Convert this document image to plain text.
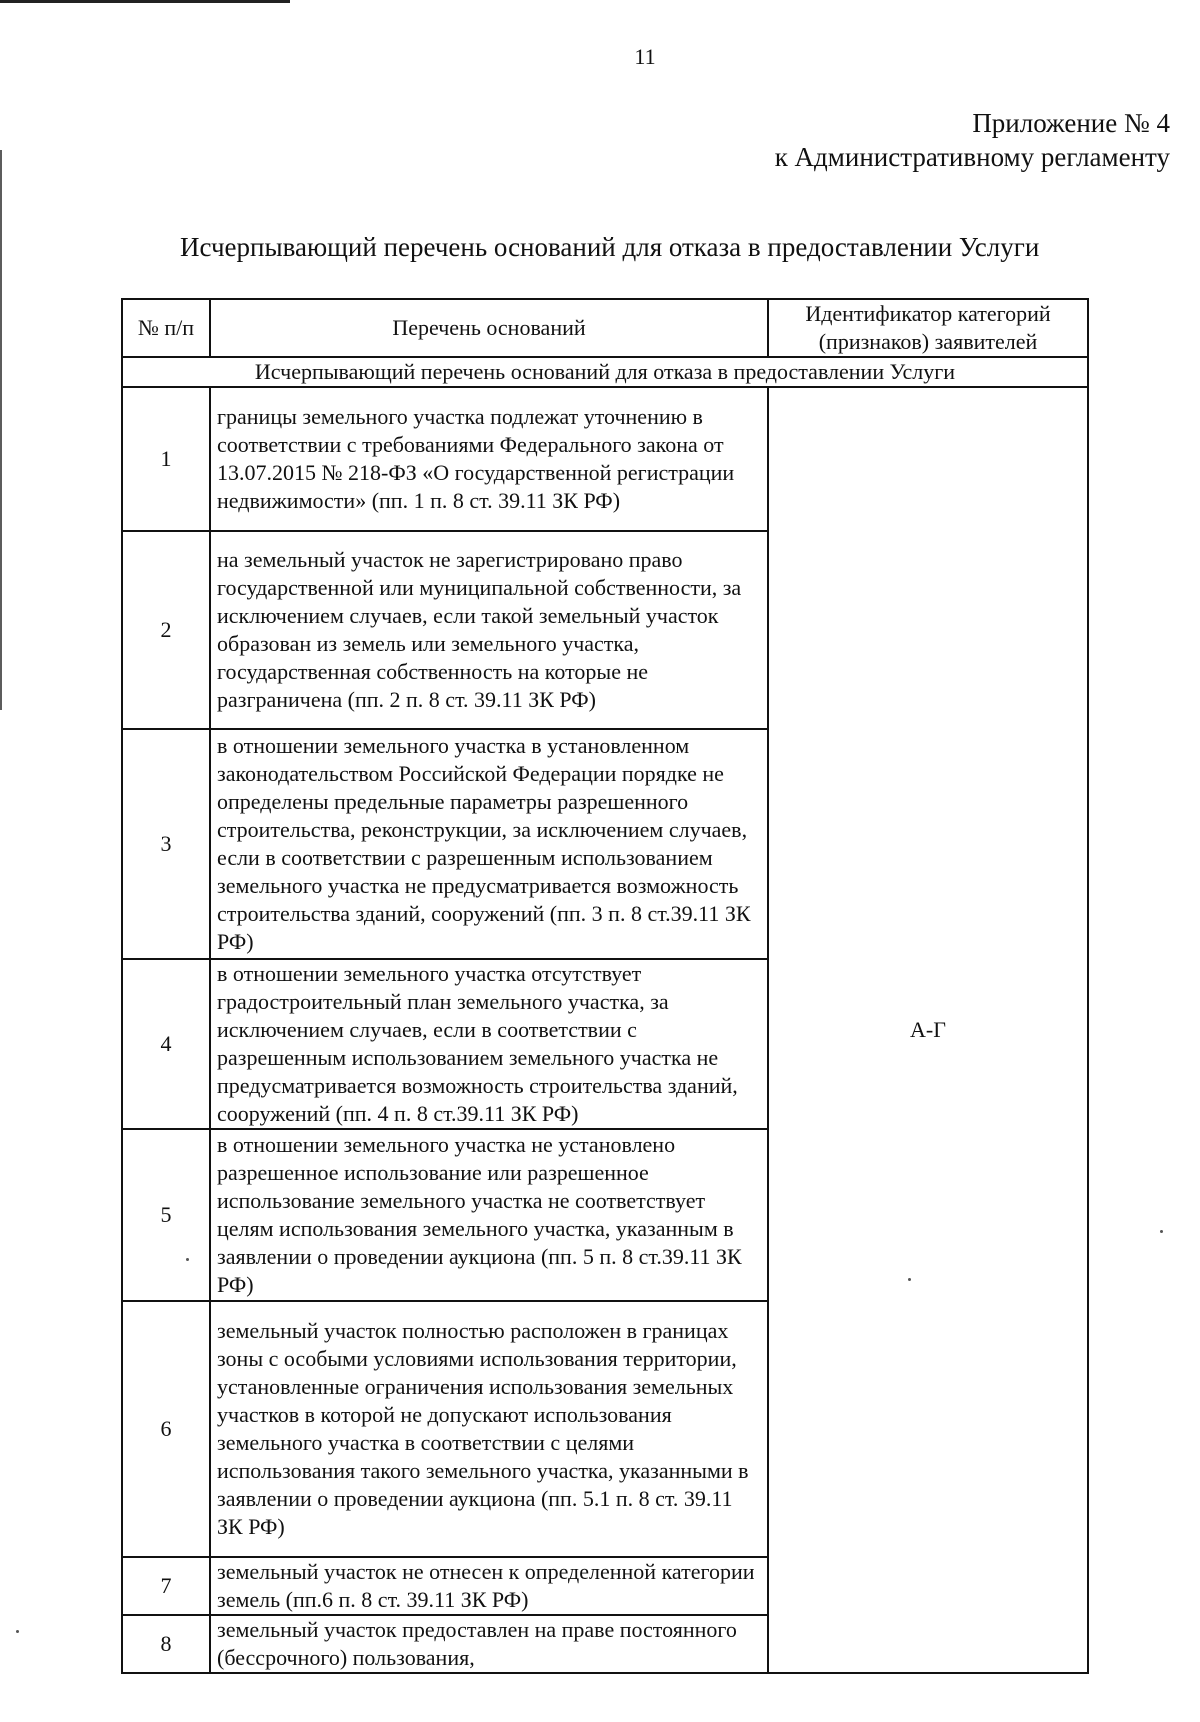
11
Приложение № 4
к Административному регламенту
Исчерпывающий перечень оснований для отказа в предоставлении Услуги
№ п/п	Перечень оснований	Идентификатор категорий (признаков) заявителей
Исчерпывающий перечень оснований для отказа в предоставлении Услуги		
1	границы земельного участка подлежат уточнению в соответствии с требованиями Федерального закона от 13.07.2015 № 218-ФЗ «О государственной регистрации недвижимости» (пп. 1 п. 8 ст. 39.11 ЗК РФ)	А-Г
2	на земельный участок не зарегистрировано право государственной или муниципальной собственности, за исключением случаев, если такой земельный участок образован из земель или земельного участка, государственная собственность на которые не разграничена (пп. 2 п. 8 ст. 39.11 ЗК РФ)	
3	в отношении земельного участка в установленном законодательством Российской Федерации порядке не определены предельные параметры разрешенного строительства, реконструкции, за исключением случаев, если в соответствии с разрешенным использованием земельного участка не предусматривается возможность строительства зданий, сооружений (пп. 3 п. 8 ст.39.11 ЗК РФ)	
4	в отношении земельного участка отсутствует градостроительный план земельного участка, за исключением случаев, если в соответствии с разрешенным использованием земельного участка не предусматривается возможность строительства зданий, сооружений (пп. 4 п. 8 ст.39.11 ЗК РФ)	
5	в отношении земельного участка не установлено разрешенное использование или разрешенное использование земельного участка не соответствует целям использования земельного участка, указанным в заявлении о проведении аукциона (пп. 5 п. 8 ст.39.11 ЗК РФ)	
6	земельный участок полностью расположен в границах зоны с особыми условиями использования территории, установленные ограничения использования земельных участков в которой не допускают использования земельного участка в соответствии с целями использования такого земельного участка, указанными в заявлении о проведении аукциона (пп. 5.1 п. 8 ст. 39.11 ЗК РФ)	
7	земельный участок не отнесен к определенной категории земель (пп.6 п. 8 ст. 39.11 ЗК РФ)	
8	земельный участок предоставлен на праве постоянного (бессрочного) пользования,	
